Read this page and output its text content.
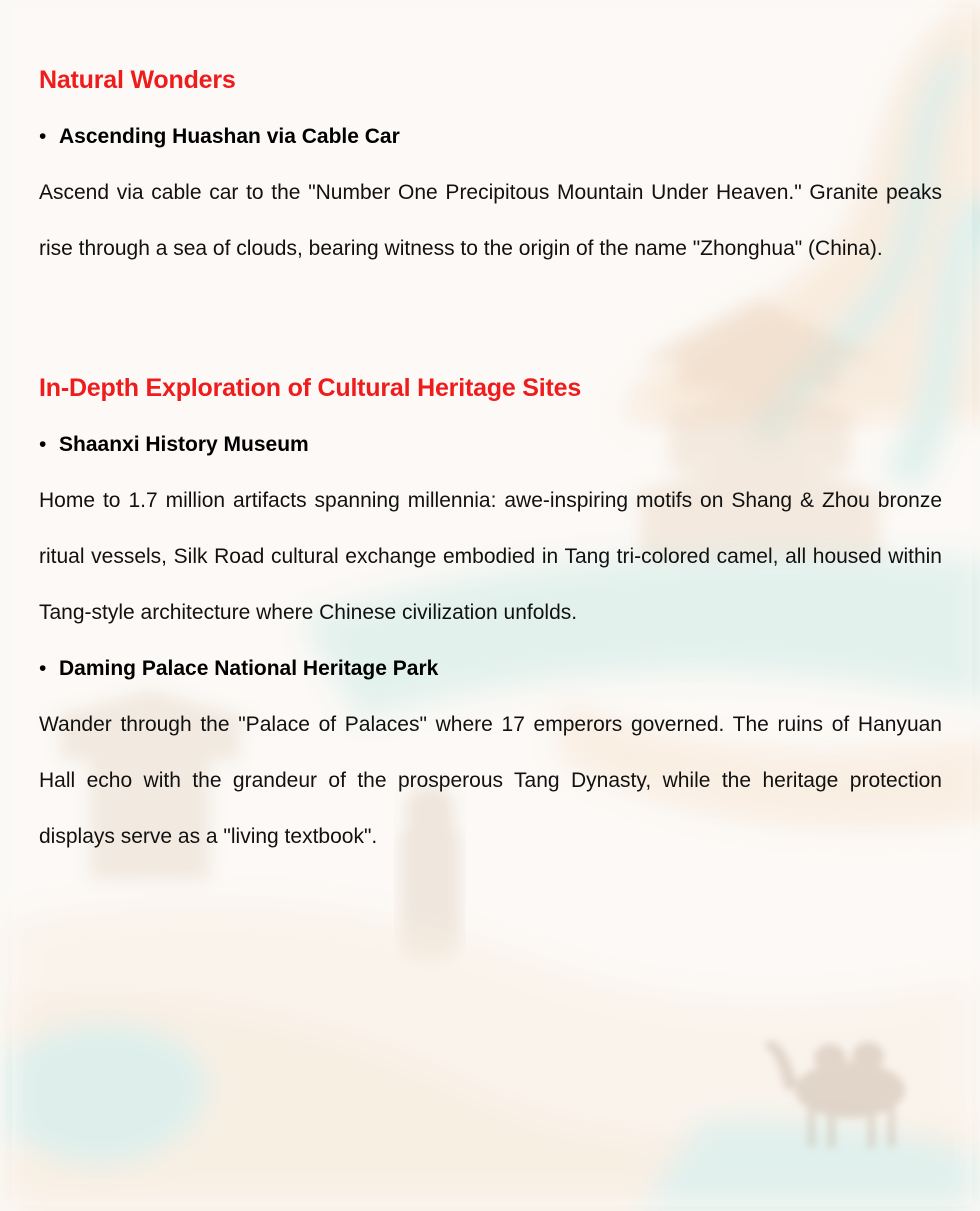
Natural Wonders

• Ascending Huashan via Cable Car

Ascend via cable car to the "Number One Precipitous Mountain Under Heaven." Granite peaks rise through a sea of clouds, bearing witness to the origin of the name "Zhonghua" (China).

In-Depth Exploration of Cultural Heritage Sites

• Shaanxi History Museum

Home to 1.7 million artifacts spanning millennia: awe-inspiring motifs on Shang & Zhou bronze ritual vessels, Silk Road cultural exchange embodied in Tang tri-colored camel, all housed within Tang-style architecture where Chinese civilization unfolds.

• Daming Palace National Heritage Park

Wander through the "Palace of Palaces" where 17 emperors governed. The ruins of Hanyuan Hall echo with the grandeur of the prosperous Tang Dynasty, while the heritage protection displays serve as a "living textbook".
